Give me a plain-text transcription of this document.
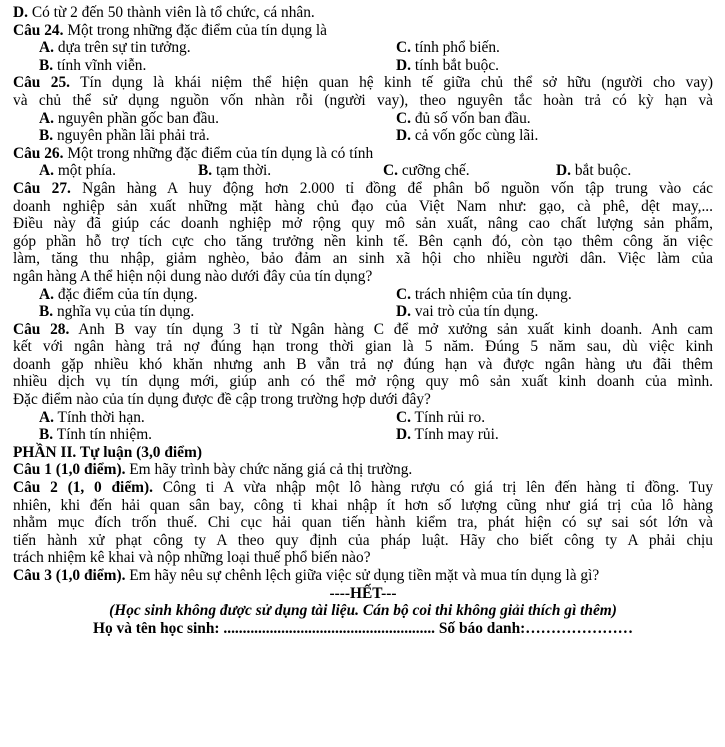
D. Có từ 2 đến 50 thành viên là tổ chức, cá nhân.
Câu 24. Một trong những đặc điểm của tín dụng là
A. dựa trên sự tin tưởng.	C. tính phổ biến.
B. tính vĩnh viễn.	D. tính bắt buộc.
Câu 25. Tín dụng là khái niệm thể hiện quan hệ kinh tế giữa chủ thể sở hữu (người cho vay)
và chủ thể sử dụng nguồn vốn nhàn rỗi (người vay), theo nguyên tắc hoàn trả có kỳ hạn và
A. nguyên phần gốc ban đầu.	C. đủ số vốn ban đầu.
B. nguyên phần lãi phải trả.	D. cả vốn gốc cùng lãi.
Câu 26. Một trong những đặc điểm của tín dụng là có tính
A. một phía.	B. tạm thời.	C. cưỡng chế.	D. bắt buộc.
Câu 27. Ngân hàng A huy động hơn 2.000 tỉ đồng để phân bổ nguồn vốn tập trung vào các
doanh nghiệp sản xuất những mặt hàng chủ đạo của Việt Nam như: gạo, cà phê, dệt may,...
Điều này đã giúp các doanh nghiệp mở rộng quy mô sản xuất, nâng cao chất lượng sản phẩm,
góp phần hỗ trợ tích cực cho tăng trưởng nền kinh tế. Bên cạnh đó, còn tạo thêm công ăn việc
làm, tăng thu nhập, giảm nghèo, bảo đảm an sinh xã hội cho nhiều người dân. Việc làm của
ngân hàng A thể hiện nội dung nào dưới đây của tín dụng?
A. đặc điểm của tín dụng.	C. trách nhiệm của tín dụng.
B. nghĩa vụ của tín dụng.	D. vai trò của tín dụng.
Câu 28. Anh B vay tín dụng 3 tỉ từ Ngân hàng C để mở xưởng sản xuất kinh doanh. Anh cam
kết với ngân hàng trả nợ đúng hạn trong thời gian là 5 năm. Đúng 5 năm sau, dù việc kinh
doanh gặp nhiều khó khăn nhưng anh B vẫn trả nợ đúng hạn và được ngân hàng ưu đãi thêm
nhiều dịch vụ tín dụng mới, giúp anh có thể mở rộng quy mô sản xuất kinh doanh của mình.
Đặc điểm nào của tín dụng được đề cập trong trường hợp dưới đây?
A. Tính thời hạn.	C. Tính rủi ro.
B. Tính tín nhiệm.	D. Tính may rủi.
PHẦN II. Tự luận (3,0 điểm)
Câu 1 (1,0 điểm). Em hãy trình bày chức năng giá cả thị trường.
Câu 2 (1, 0 điểm). Công ti A vừa nhập một lô hàng rượu có giá trị lên đến hàng tỉ đồng. Tuy
nhiên, khi đến hải quan sân bay, công ti khai nhập ít hơn số lượng cũng như giá trị của lô hàng
nhằm mục đích trốn thuế. Chi cục hải quan tiến hành kiểm tra, phát hiện có sự sai sót lớn và
tiến hành xử phạt công ty A theo quy định của pháp luật. Hãy cho biết công ty A phải chịu
trách nhiệm kê khai và nộp những loại thuế phổ biến nào?
Câu 3 (1,0 điểm). Em hãy nêu sự chênh lệch giữa việc sử dụng tiền mặt và mua tín dụng là gì?
----HẾT---
(Học sinh không được sử dụng tài liệu. Cán bộ coi thi không giải thích gì thêm)
Họ và tên học sinh: ....................................................... Số báo danh:…………………
